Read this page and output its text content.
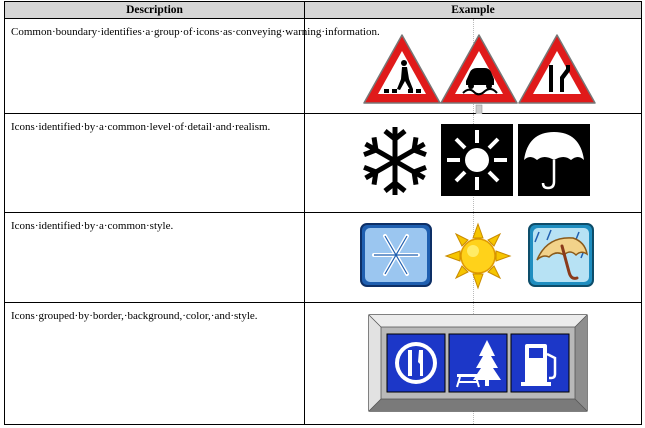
Description	Example

Common·boundary·identifies·a·group·of·icons·as·conveying·warning·information.

Icons·identified·by·a·common·level·of·detail·and·realism.

Icons·identified·by·a·common·style.

Icons·grouped·by·border,·background,·color,·and·style.
